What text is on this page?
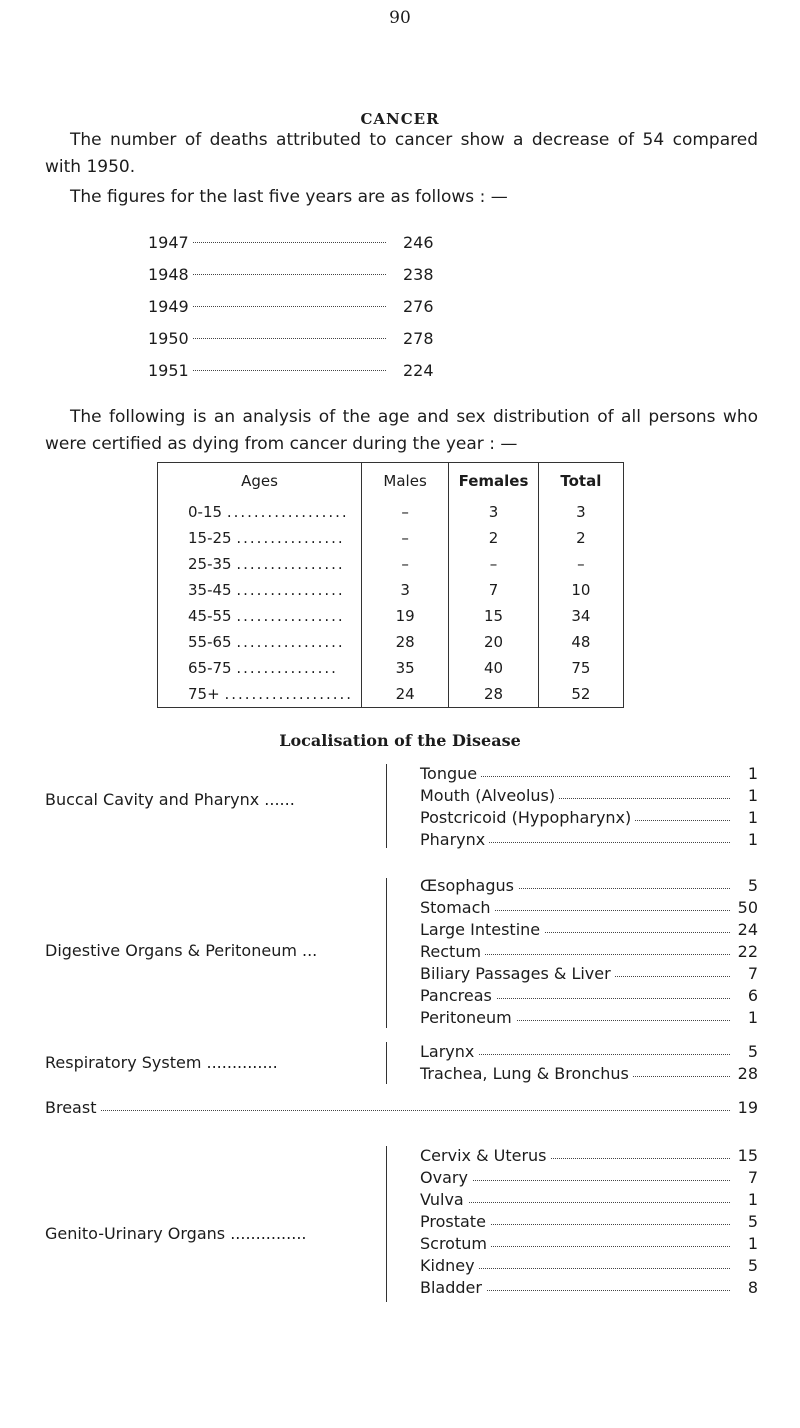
90
CANCER
The number of deaths attributed to cancer show a decrease of 54 compared with 1950.
The figures for the last five years are as follows : —
1947	246
1948	238
1949	276
1950	278
1951	224
The following is an analysis of the age and sex distribution of all persons who were certified as dying from cancer during the year : —
Ages	Males	Females	Total
0-15 ..................	–	3	3
15-25 ................	–	2	2
25-35 ................	–	–	–
35-45 ................	3	7	10
45-55 ................	19	15	34
55-65 ................	28	20	48
65-75 ...............	35	40	75
75+ ...................	24	28	52
Localisation of the Disease
Buccal Cavity and Pharynx ......
Tongue	1
Mouth (Alveolus)	1
Postcricoid (Hypopharynx)	1
Pharynx	1
Digestive Organs & Peritoneum ...
Œsophagus	5
Stomach	50
Large Intestine	24
Rectum	22
Biliary Passages & Liver	7
Pancreas	6
Peritoneum	1
Respiratory System ..............
Larynx	5
Trachea, Lung & Bronchus	28
Breast	19
Genito-Urinary Organs ...............
Cervix & Uterus	15
Ovary	7
Vulva	1
Prostate	5
Scrotum	1
Kidney	5
Bladder	8
